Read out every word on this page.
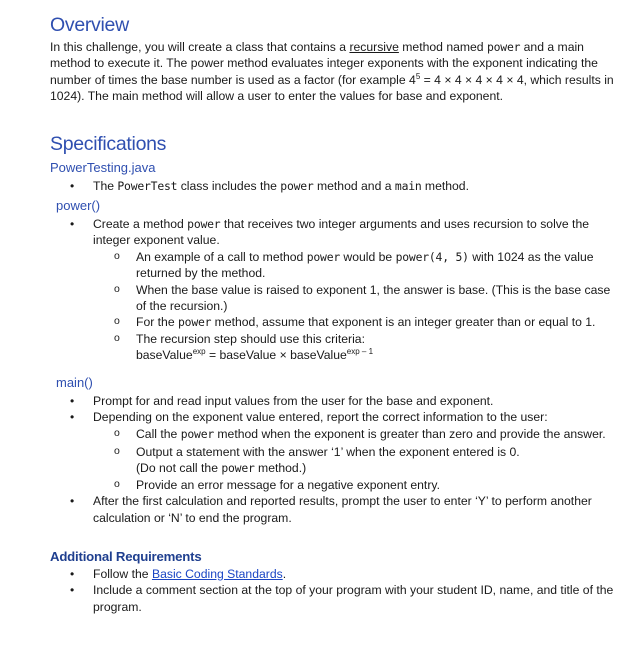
Overview

In this challenge, you will create a class that contains a recursive method named power and a main method to execute it. The power method evaluates integer exponents with the exponent indicating the number of times the base number is used as a factor (for example $4^5 = 4 \times 4 \times 4 \times 4 \times 4$, which results in 1024). The main method will allow a user to enter the values for base and exponent.

Specifications
PowerTesting.java
• The PowerTest class includes the power method and a main method.
power()
• Create a method power that receives two integer arguments and uses recursion to solve the integer exponent value.
o An example of a call to method power would be power(4, 5) with 1024 as the value returned by the method.
o When the base value is raised to exponent 1, the answer is base. (This is the base case of the recursion.)
o For the power method, assume that exponent is an integer greater than or equal to 1.
o The recursion step should use this criteria:
baseValue$^{exp}$ = baseValue × baseValue$^{exp - 1}$
main()
• Prompt for and read input values from the user for the base and exponent.
• Depending on the exponent value entered, report the correct information to the user:
o Call the power method when the exponent is greater than zero and provide the answer.
o Output a statement with the answer ‘1’ when the exponent entered is 0.
(Do not call the power method.)
o Provide an error message for a negative exponent entry.
• After the first calculation and reported results, prompt the user to enter ‘Y’ to perform another calculation or ‘N’ to end the program.
Additional Requirements
• Follow the Basic Coding Standards.
• Include a comment section at the top of your program with your student ID, name, and title of the program.
